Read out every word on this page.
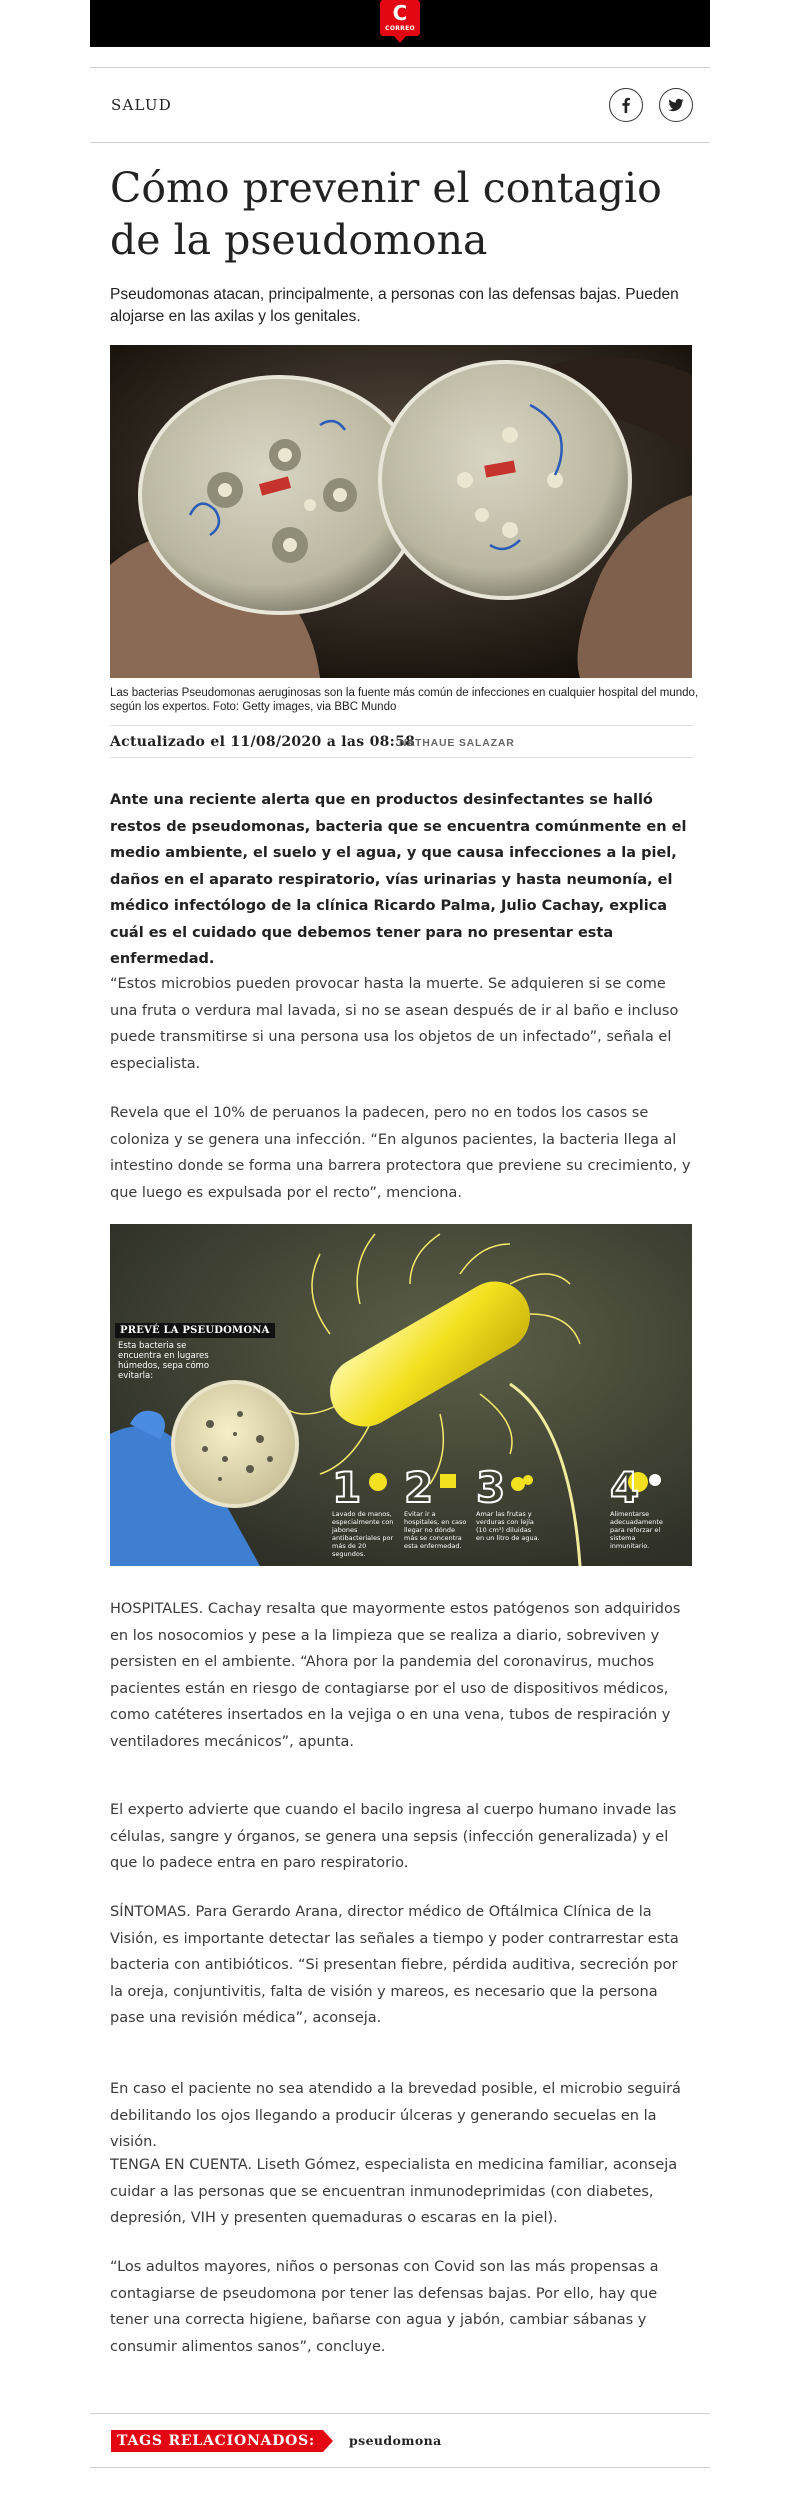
C
CORREO
SALUD
Cómo prevenir el contagio de la pseudomona
Pseudomonas atacan, principalmente, a personas con las defensas bajas. Pueden alojarse en las axilas y los genitales.
Las bacterias Pseudomonas aeruginosas son la fuente más común de infecciones en cualquier hospital del mundo, según los expertos. Foto: Getty images, via BBC Mundo
Actualizado el 11/08/2020 a las 08:58
NATHAUE SALAZAR

Ante una reciente alerta que en productos desinfectantes se halló restos de pseudomonas, bacteria que se encuentra comúnmente en el medio ambiente, el suelo y el agua, y que causa infecciones a la piel, daños en el aparato respiratorio, vías urinarias y hasta neumonía, el médico infectólogo de la clínica Ricardo Palma, Julio Cachay, explica cuál es el cuidado que debemos tener para no presentar esta enfermedad.

“Estos microbios pueden provocar hasta la muerte. Se adquieren si se come una fruta o verdura mal lavada, si no se asean después de ir al baño e incluso puede transmitirse si una persona usa los objetos de un infectado”, señala el especialista.

Revela que el 10% de peruanos la padecen, pero no en todos los casos se coloniza y se genera una infección. “En algunos pacientes, la bacteria llega al intestino donde se forma una barrera protectora que previene su crecimiento, y que luego es expulsada por el recto”, menciona.

PREVÉ LA PSEUDOMONA
Esta bacteria se encuentra en lugares húmedos, sepa cómo evitarla:
1
Lavado de manos, especialmente con jabones antibacteriales por más de 20 segundos.
2
Evitar ir a hospitales, en caso llegar no dónde más se concentra esta enfermedad.
3
Amar las frutas y verduras con lejía (10 cm³) diluidas en un litro de agua.
4
Alimentarse adecuadamente para reforzar el sistema inmunitario.

HOSPITALES. Cachay resalta que mayormente estos patógenos son adquiridos en los nosocomios y pese a la limpieza que se realiza a diario, sobreviven y persisten en el ambiente. “Ahora por la pandemia del coronavirus, muchos pacientes están en riesgo de contagiarse por el uso de dispositivos médicos, como catéteres insertados en la vejiga o en una vena, tubos de respiración y ventiladores mecánicos”, apunta.

El experto advierte que cuando el bacilo ingresa al cuerpo humano invade las células, sangre y órganos, se genera una sepsis (infección generalizada) y el que lo padece entra en paro respiratorio.

SÍNTOMAS. Para Gerardo Arana, director médico de Oftálmica Clínica de la Visión, es importante detectar las señales a tiempo y poder contrarrestar esta bacteria con antibióticos. “Si presentan fiebre, pérdida auditiva, secreción por la oreja, conjuntivitis, falta de visión y mareos, es necesario que la persona pase una revisión médica”, aconseja.

En caso el paciente no sea atendido a la brevedad posible, el microbio seguirá debilitando los ojos llegando a producir úlceras y generando secuelas en la visión.

TENGA EN CUENTA. Liseth Gómez, especialista en medicina familiar, aconseja cuidar a las personas que se encuentran inmunodeprimidas (con diabetes, depresión, VIH y presenten quemaduras o escaras en la piel).

“Los adultos mayores, niños o personas con Covid son las más propensas a contagiarse de pseudomona por tener las defensas bajas. Por ello, hay que tener una correcta higiene, bañarse con agua y jabón, cambiar sábanas y consumir alimentos sanos”, concluye.

TAGS RELACIONADOS:	pseudomona
